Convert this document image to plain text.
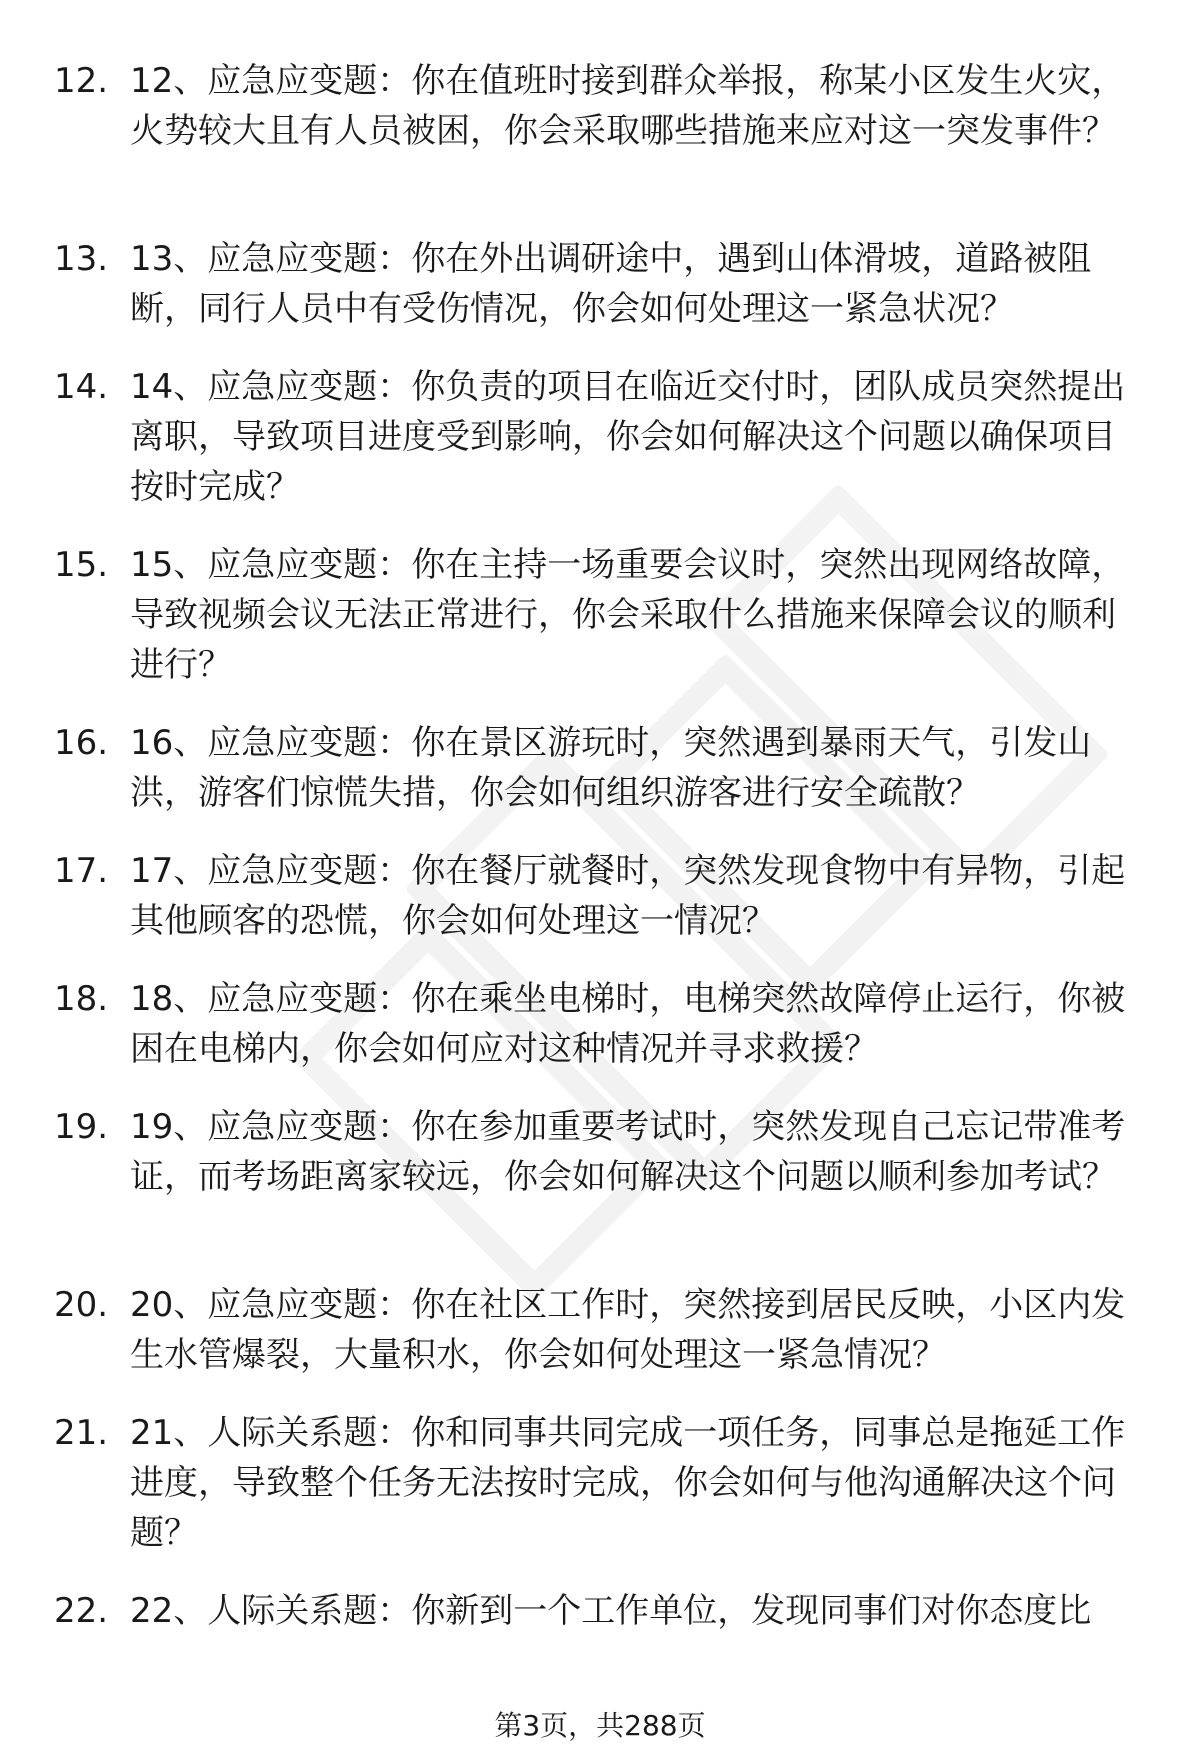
12. 12、应急应变题：你在值班时接到群众举报，称某小区发生火灾，火势较大且有人员被困，你会采取哪些措施来应对这一突发事件？
13. 13、应急应变题：你在外出调研途中，遇到山体滑坡，道路被阻断，同行人员中有受伤情况，你会如何处理这一紧急状况？
14. 14、应急应变题：你负责的项目在临近交付时，团队成员突然提出离职，导致项目进度受到影响，你会如何解决这个问题以确保项目按时完成？
15. 15、应急应变题：你在主持一场重要会议时，突然出现网络故障，导致视频会议无法正常进行，你会采取什么措施来保障会议的顺利进行？
16. 16、应急应变题：你在景区游玩时，突然遇到暴雨天气，引发山洪，游客们惊慌失措，你会如何组织游客进行安全疏散？
17. 17、应急应变题：你在餐厅就餐时，突然发现食物中有异物，引起其他顾客的恐慌，你会如何处理这一情况？
18. 18、应急应变题：你在乘坐电梯时，电梯突然故障停止运行，你被困在电梯内，你会如何应对这种情况并寻求救援？
19. 19、应急应变题：你在参加重要考试时，突然发现自己忘记带准考证，而考场距离家较远，你会如何解决这个问题以顺利参加考试？
20. 20、应急应变题：你在社区工作时，突然接到居民反映，小区内发生水管爆裂，大量积水，你会如何处理这一紧急情况？
21. 21、人际关系题：你和同事共同完成一项任务，同事总是拖延工作进度，导致整个任务无法按时完成，你会如何与他沟通解决这个问题？
22. 22、人际关系题：你新到一个工作单位，发现同事们对你态度比
第3页，共288页
